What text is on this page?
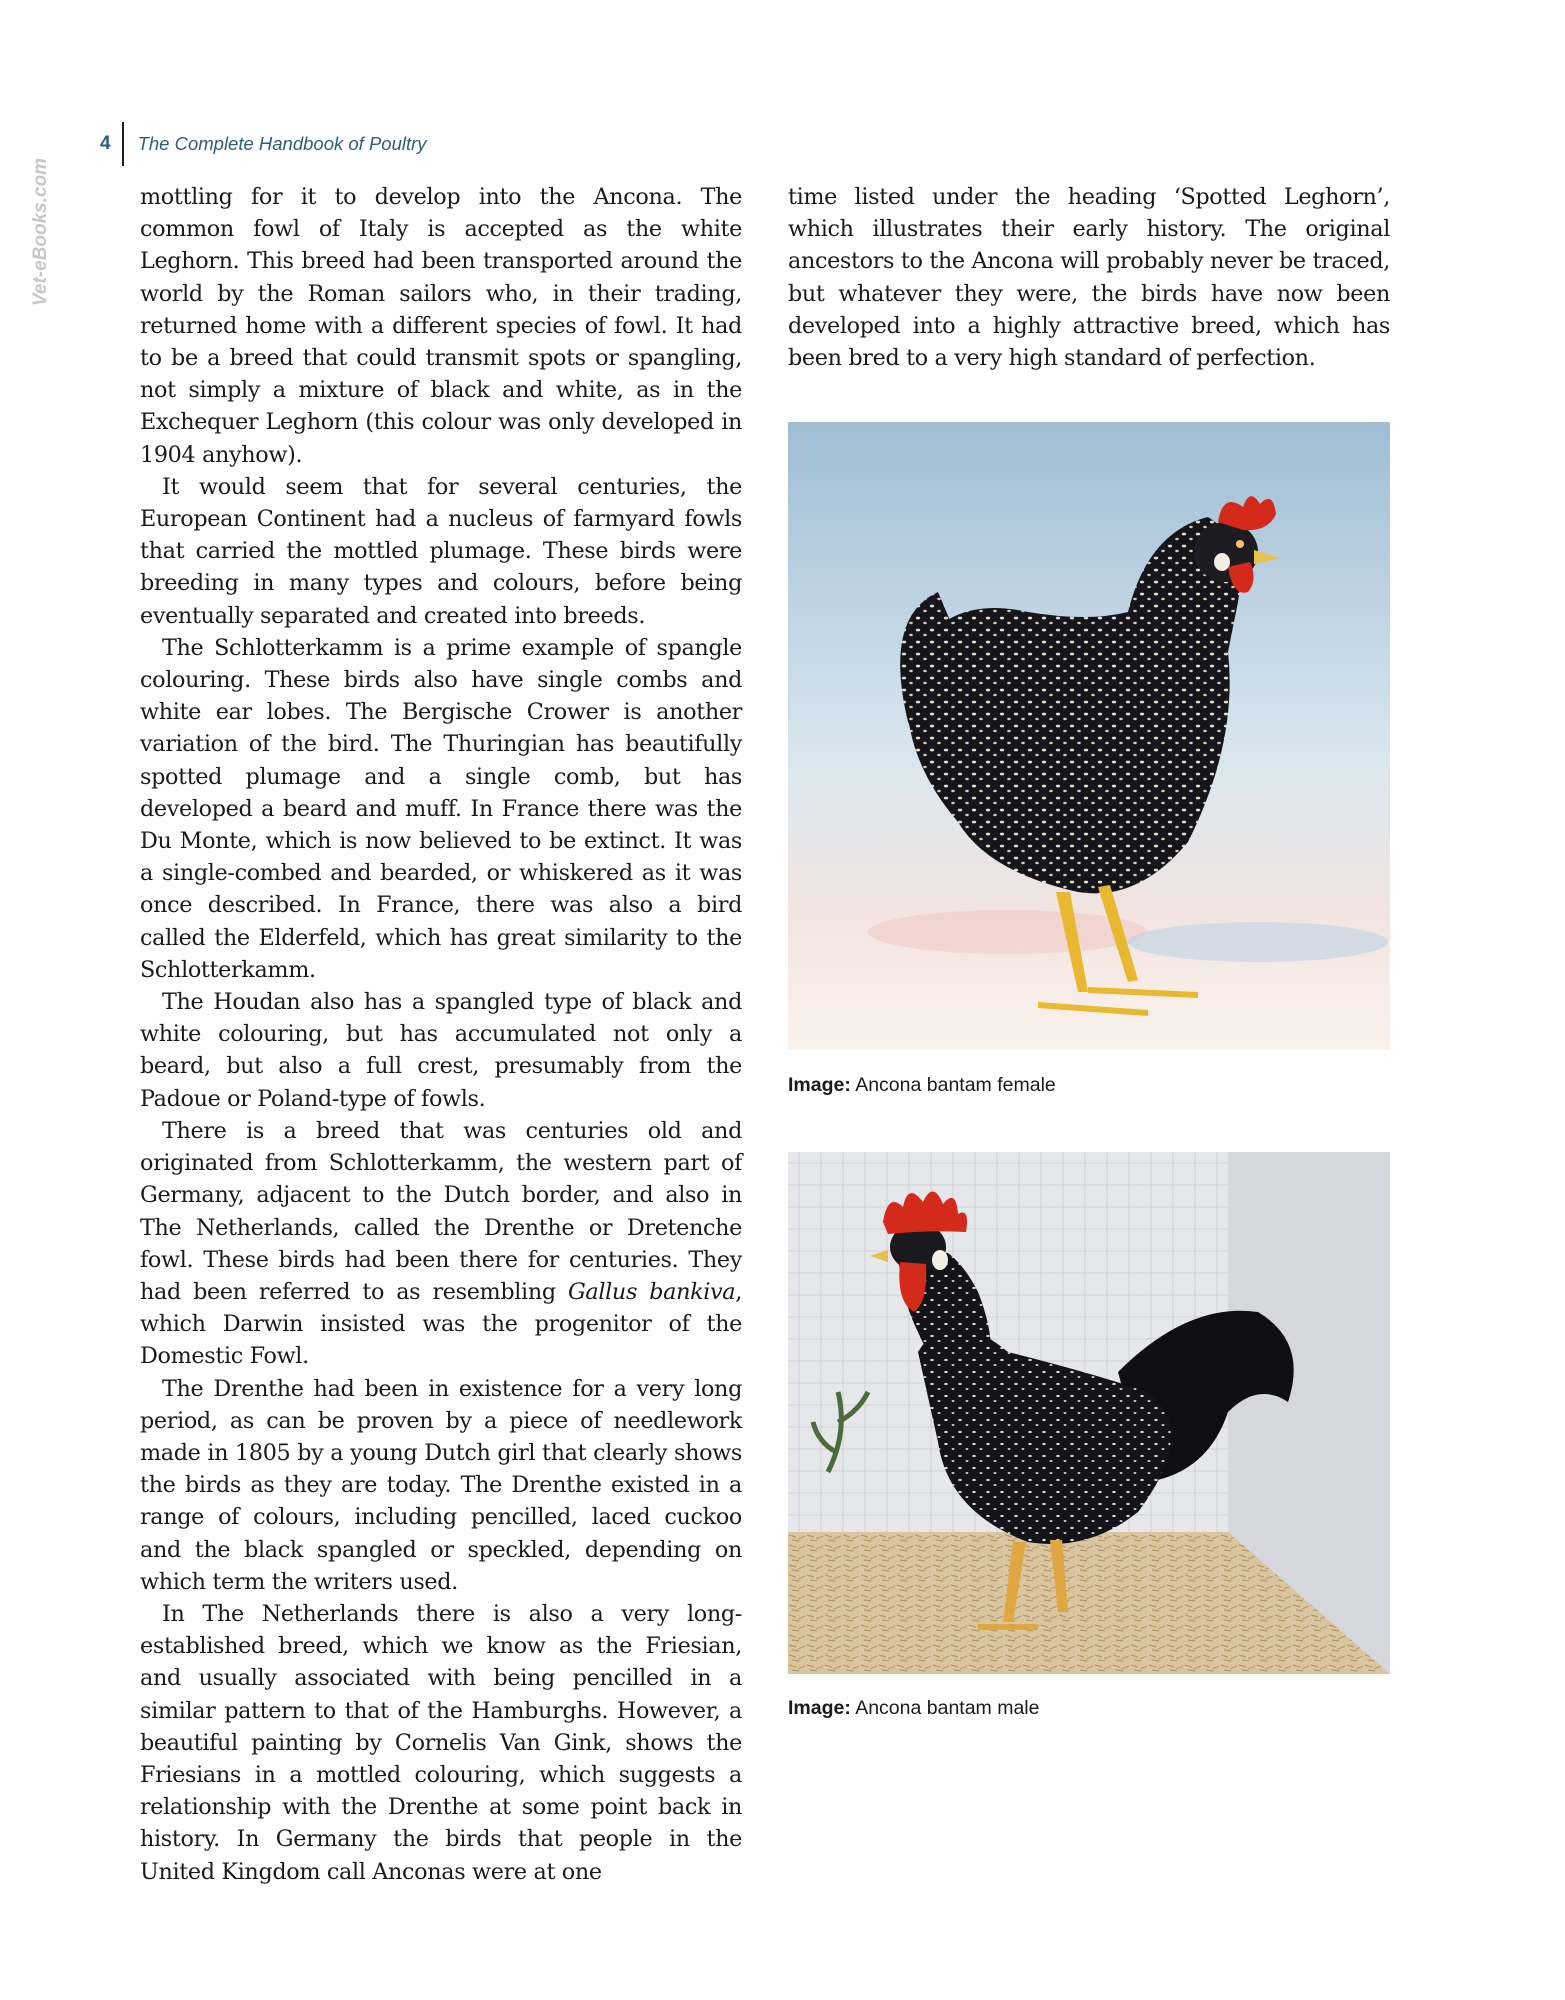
4	The Complete Handbook of Poultry
Vet-eBooks.com	mottling for it to develop into the Ancona. The common fowl of Italy is accepted as the white Leghorn. This breed had been transported around the world by the Roman sailors who, in their trading, returned home with a different species of fowl. It had to be a breed that could transmit spots or spangling, not simply a mixture of black and white, as in the Exchequer Leghorn (this colour was only developed in 1904 anyhow).

It would seem that for several centuries, the European Continent had a nucleus of farmyard fowls that carried the mottled plumage. These birds were breeding in many types and colours, before being eventually separated and created into breeds.

The Schlotterkamm is a prime example of spangle colouring. These birds also have single combs and white ear lobes. The Bergische Crower is another variation of the bird. The Thuringian has beautifully spotted plumage and a single comb, but has developed a beard and muff. In France there was the Du Monte, which is now believed to be extinct. It was a single-combed and bearded, or whiskered as it was once described. In France, there was also a bird called the Elderfeld, which has great similarity to the Schlotterkamm.

The Houdan also has a spangled type of black and white colouring, but has accumulated not only a beard, but also a full crest, presumably from the Padoue or Poland-type of fowls.

There is a breed that was centuries old and originated from Schlotterkamm, the western part of Germany, adjacent to the Dutch border, and also in The Netherlands, called the Drenthe or Dretenche fowl. These birds had been there for centuries. They had been referred to as resembling Gallus bankiva, which Darwin insisted was the progenitor of the Domestic Fowl.

The Drenthe had been in existence for a very long period, as can be proven by a piece of needlework made in 1805 by a young Dutch girl that clearly shows the birds as they are today. The Drenthe existed in a range of colours, including pencilled, laced cuckoo and the black spangled or speckled, depending on which term the writers used.

In The Netherlands there is also a very long-established breed, which we know as the Friesian, and usually associated with being pencilled in a similar pattern to that of the Hamburghs. However, a beautiful painting by Cornelis Van Gink, shows the Friesians in a mottled colouring, which suggests a relationship with the Drenthe at some point back in history. In Germany the birds that people in the United Kingdom call Anconas were at one

time listed under the heading ‘Spotted Leghorn’, which illustrates their early history. The original ancestors to the Ancona will probably never be traced, but whatever they were, the birds have now been developed into a highly attractive breed, which has been bred to a very high standard of perfection.

Image: Ancona bantam female
Image: Ancona bantam male
